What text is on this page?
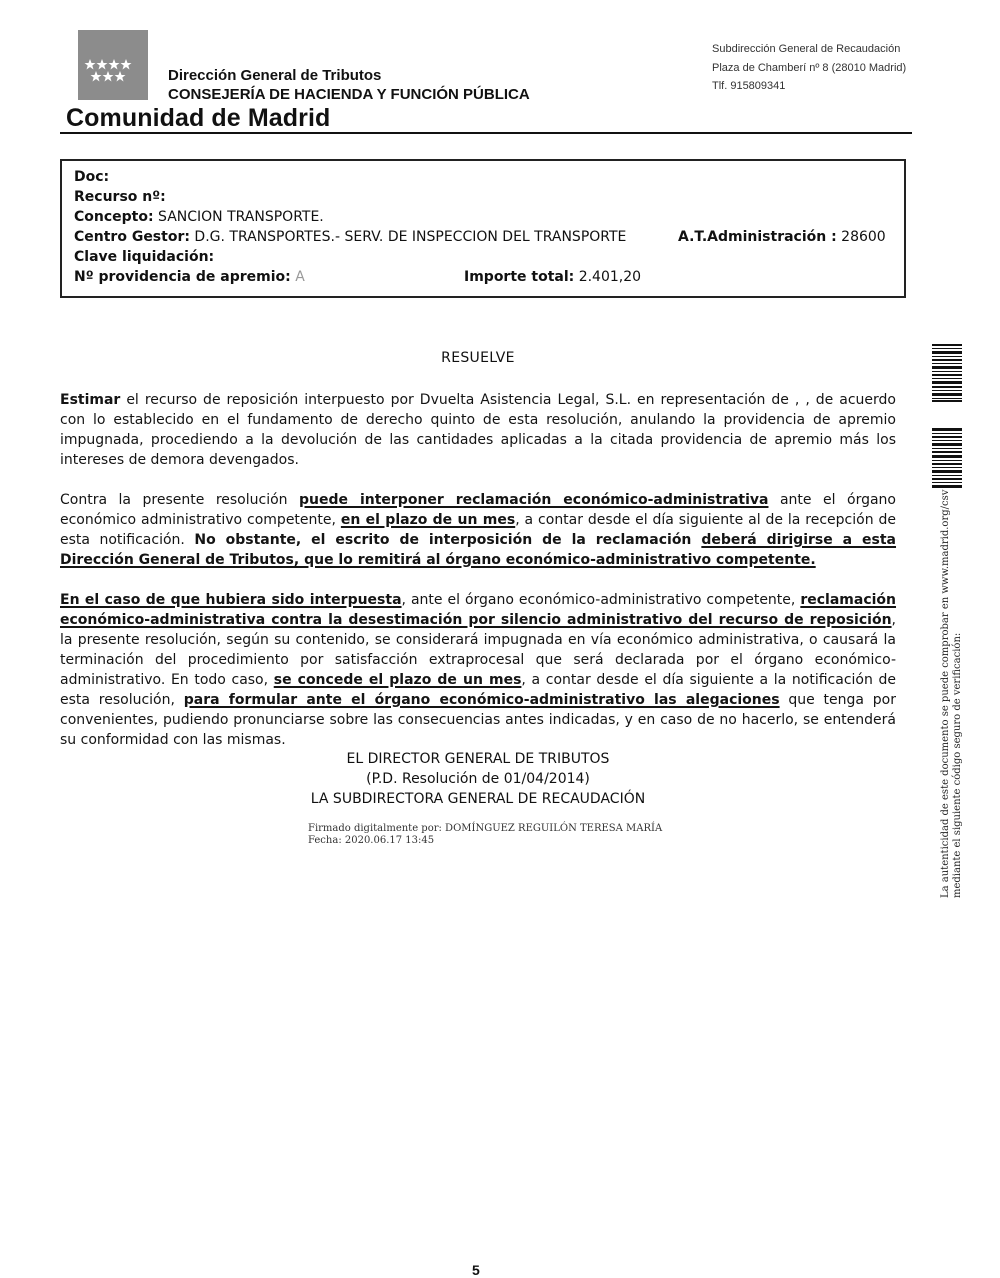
Dirección General de Tributos
CONSEJERÍA DE HACIENDA Y FUNCIÓN PÚBLICA
Comunidad de Madrid
Subdirección General de Recaudación
Plaza de Chamberí nº 8 (28010 Madrid)
Tlf. 915809341
Doc:
Recurso nº:
Concepto: SANCION TRANSPORTE.
Centro Gestor: D.G. TRANSPORTES.- SERV. DE INSPECCION DEL TRANSPORTE	A.T.Administración : 28600
Clave liquidación:
Nº providencia de apremio: A	Importe total: 2.401,20
RESUELVE
Estimar el recurso de reposición interpuesto por Dvuelta Asistencia Legal, S.L. en representación de , , de acuerdo con lo establecido en el fundamento de derecho quinto de esta resolución, anulando la providencia de apremio impugnada, procediendo a la devolución de las cantidades aplicadas a la citada providencia de apremio más los intereses de demora devengados.
Contra la presente resolución puede interponer reclamación económico-administrativa ante el órgano económico administrativo competente, en el plazo de un mes, a contar desde el día siguiente al de la recepción de esta notificación. No obstante, el escrito de interposición de la reclamación deberá dirigirse a esta Dirección General de Tributos, que lo remitirá al órgano económico-administrativo competente.
En el caso de que hubiera sido interpuesta, ante el órgano económico-administrativo competente, reclamación económico-administrativa contra la desestimación por silencio administrativo del recurso de reposición, la presente resolución, según su contenido, se considerará impugnada en vía económico administrativa, o causará la terminación del procedimiento por satisfacción extraprocesal que será declarada por el órgano económico-administrativo. En todo caso, se concede el plazo de un mes, a contar desde el día siguiente a la notificación de esta resolución, para formular ante el órgano económico-administrativo las alegaciones que tenga por convenientes, pudiendo pronunciarse sobre las consecuencias antes indicadas, y en caso de no hacerlo, se entenderá su conformidad con las mismas.
EL DIRECTOR GENERAL DE TRIBUTOS
(P.D. Resolución de 01/04/2014)
LA SUBDIRECTORA GENERAL DE RECAUDACIÓN
Firmado digitalmente por: DOMÍNGUEZ REGUILÓN TERESA MARÍA
Fecha: 2020.06.17 13:45	La autenticidad de este documento se puede comprobar en www.madrid.org/csv mediante el siguiente código seguro de verificación:
5
